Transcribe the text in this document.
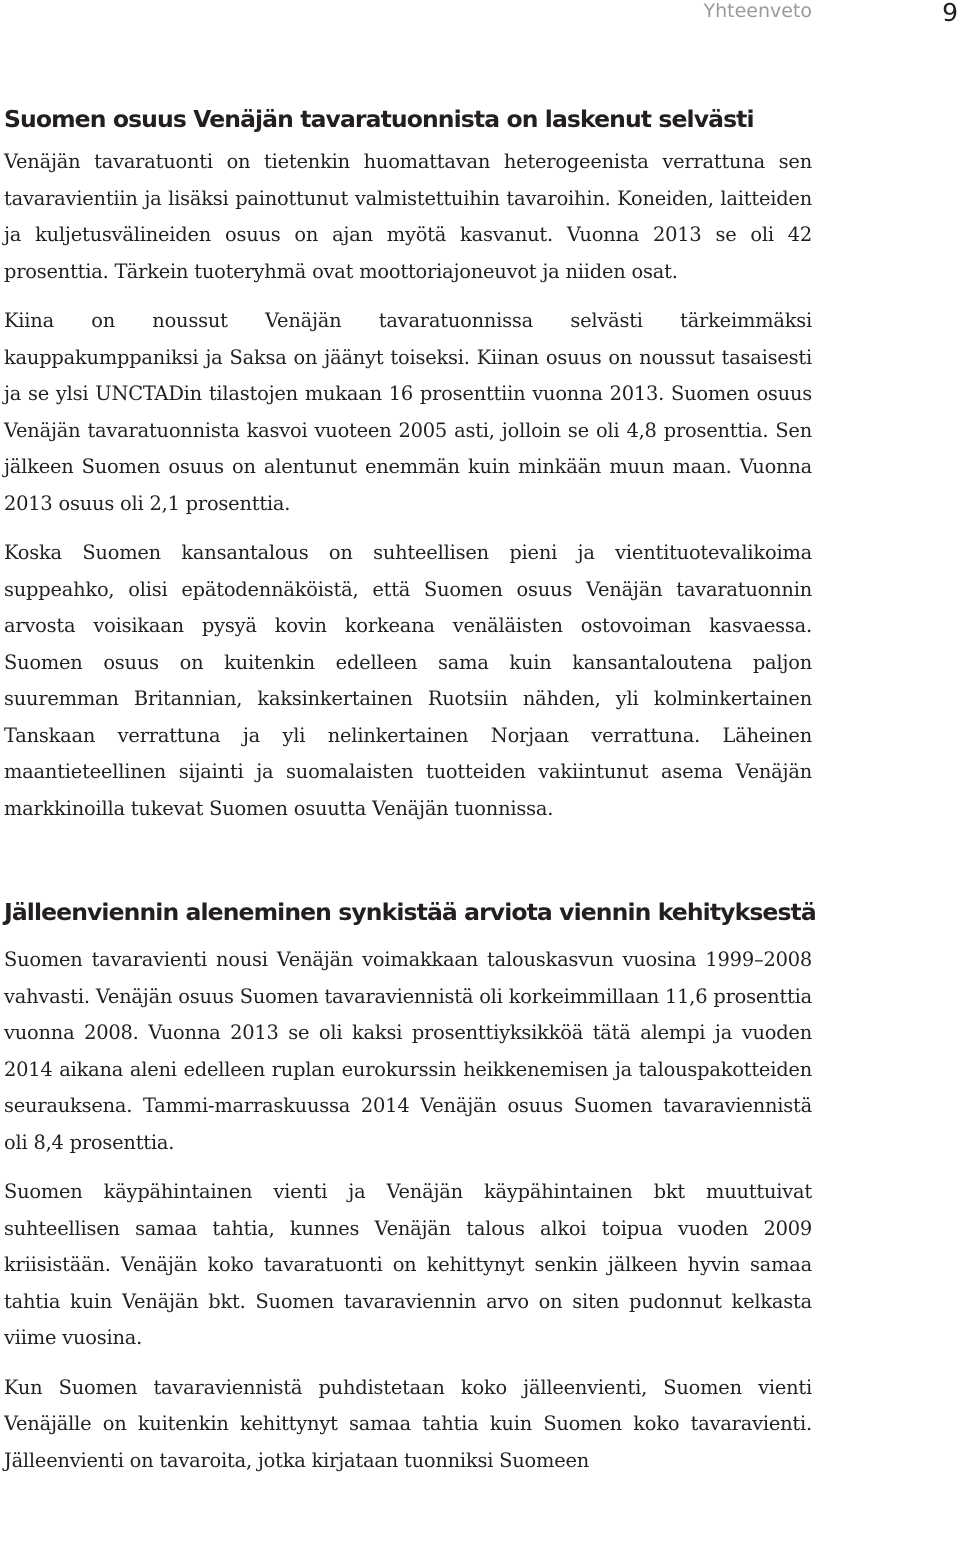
Yhteenveto	9
Suomen osuus Venäjän tavaratuonnista on laskenut selvästi

Venäjän tavaratuonti on tietenkin huomattavan heterogeenista verrattuna sen tavaravientiin ja lisäksi painottunut valmistettuihin tavaroihin. Koneiden, laitteiden ja kuljetusvälineiden osuus on ajan myötä kasvanut. Vuonna 2013 se oli 42 prosenttia. Tärkein tuoteryhmä ovat moottoriajoneuvot ja niiden osat.

Kiina on noussut Venäjän tavaratuonnissa selvästi tärkeimmäksi kauppakumppaniksi ja Saksa on jäänyt toiseksi. Kiinan osuus on noussut tasaisesti ja se ylsi UNCTADin tilastojen mukaan 16 prosenttiin vuonna 2013. Suomen osuus Venäjän tavaratuonnista kasvoi vuoteen 2005 asti, jolloin se oli 4,8 prosenttia. Sen jälkeen Suomen osuus on alentunut enemmän kuin minkään muun maan. Vuonna 2013 osuus oli 2,1 prosenttia.

Koska Suomen kansantalous on suhteellisen pieni ja vientituotevalikoima suppeahko, olisi epätodennäköistä, että Suomen osuus Venäjän tavaratuonnin arvosta voisikaan pysyä kovin korkeana venäläisten ostovoiman kasvaessa. Suomen osuus on kuitenkin edelleen sama kuin kansantaloutena paljon suuremman Britannian, kaksinkertainen Ruotsiin nähden, yli kolminkertainen Tanskaan verrattuna ja yli nelinkertainen Norjaan verrattuna. Läheinen maantieteellinen sijainti ja suomalaisten tuotteiden vakiintunut asema Venäjän markkinoilla tukevat Suomen osuutta Venäjän tuonnissa.

Jälleenviennin aleneminen synkistää arviota viennin kehityksestä

Suomen tavaravienti nousi Venäjän voimakkaan talouskasvun vuosina 1999–2008 vahvasti. Venäjän osuus Suomen tavaraviennistä oli korkeimmillaan 11,6 prosenttia vuonna 2008. Vuonna 2013 se oli kaksi prosenttiyksikköä tätä alempi ja vuoden 2014 aikana aleni edelleen ruplan eurokurssin heikkenemisen ja talouspakotteiden seurauksena. Tammi-marraskuussa 2014 Venäjän osuus Suomen tavaraviennistä oli 8,4 prosenttia.

Suomen käypähintainen vienti ja Venäjän käypähintainen bkt muuttuivat suhteellisen samaa tahtia, kunnes Venäjän talous alkoi toipua vuoden 2009 kriisistään. Venäjän koko tavaratuonti on kehittynyt senkin jälkeen hyvin samaa tahtia kuin Venäjän bkt. Suomen tavaraviennin arvo on siten pudonnut kelkasta viime vuosina.

Kun Suomen tavaraviennistä puhdistetaan koko jälleenvienti, Suomen vienti Venäjälle on kuitenkin kehittynyt samaa tahtia kuin Suomen koko tavaravienti. Jälleenvienti on tavaroita, jotka kirjataan tuonniksi Suomeen
